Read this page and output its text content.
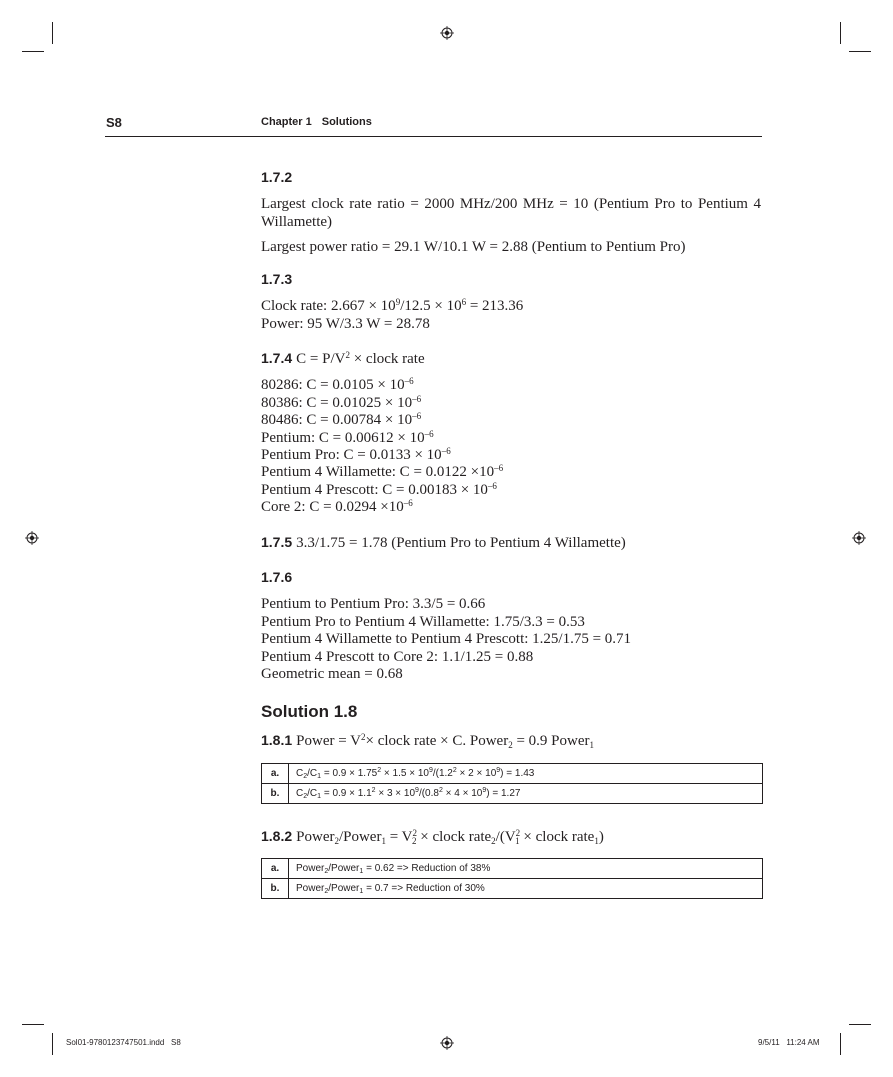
S8	Chapter 1 Solutions
1.7.2
Largest clock rate ratio = 2000 MHz/200 MHz = 10 (Pentium Pro to Pentium 4 Willamette)
Largest power ratio = 29.1 W/10.1 W = 2.88 (Pentium to Pentium Pro)
1.7.3
Clock rate: $2.667 \times 10^9/12.5 \times 10^6 = 213.36$
Power: 95 W/3.3 W = 28.78
1.7.4 $C = P/V^2$ × clock rate
80286: $C = 0.0105 \times 10^{-6}$
80386: $C = 0.01025 \times 10^{-6}$
80486: $C = 0.00784 \times 10^{-6}$
Pentium: $C = 0.00612 \times 10^{-6}$
Pentium Pro: $C = 0.0133 \times 10^{-6}$
Pentium 4 Willamette: $C = 0.0122 \times 10^{-6}$
Pentium 4 Prescott: $C = 0.00183 \times 10^{-6}$
Core 2: $C = 0.0294 \times 10^{-6}$
1.7.5 3.3/1.75 = 1.78 (Pentium Pro to Pentium 4 Willamette)
1.7.6
Pentium to Pentium Pro: 3.3/5 = 0.66
Pentium Pro to Pentium 4 Willamette: 1.75/3.3 = 0.53
Pentium 4 Willamette to Pentium 4 Prescott: 1.25/1.75 = 0.71
Pentium 4 Prescott to Core 2: 1.1/1.25 = 0.88
Geometric mean = 0.68
Solution 1.8
1.8.1 Power = $V^2\times$ clock rate × C. Power$_2$ = 0.9 Power$_1$
a.	$C_2/C_1 = 0.9 \times 1.75^2 \times 1.5 \times 10^9/(1.2^2 \times 2 \times 10^9) = 1.43$
b.	$C_2/C_1 = 0.9 \times 1.1^2 \times 3 \times 10^9/(0.8^2 \times 4 \times 10^9) = 1.27$
1.8.2 Power$_2$/Power$_1$ = $V^2_2$ × clock $rate_2/(V^2_1$ × clock rate$_1$)
a.	Power$_2$/Power$_1$ = 0.62 => Reduction of 38%
b.	Power$_2$/Power$_1$ = 0.7 => Reduction of 30%
Sol01-9780123747501.indd   S8	9/5/11   11:24 AM
